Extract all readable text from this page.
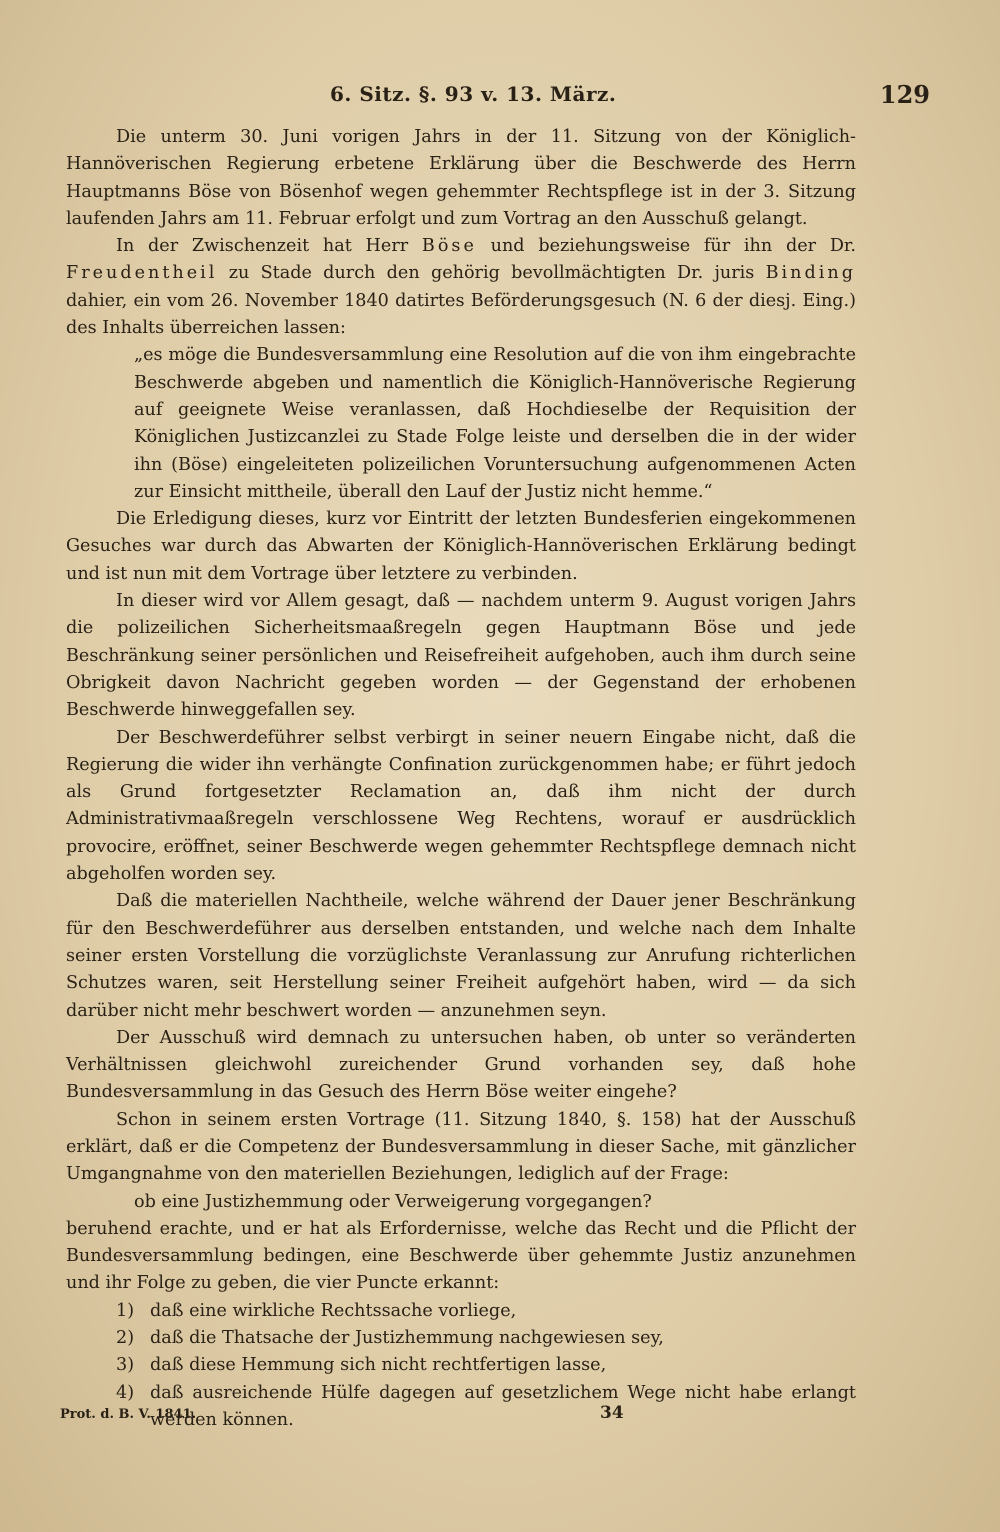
6. Sitz. §. 93 v. 13. März.	129

Die unterm 30. Juni vorigen Jahrs in der 11. Sitzung von der Königlich-Hannöverischen Regierung erbetene Erklärung über die Beschwerde des Herrn Hauptmanns Böse von Bösenhof wegen gehemmter Rechtspflege ist in der 3. Sitzung laufenden Jahrs am 11. Februar erfolgt und zum Vortrag an den Ausschuß gelangt.

In der Zwischenzeit hat Herr Böse und beziehungsweise für ihn der Dr. Freudentheil zu Stade durch den gehörig bevollmächtigten Dr. juris Binding dahier, ein vom 26. November 1840 datirtes Beförderungsgesuch (N. 6 der diesj. Eing.) des Inhalts überreichen lassen:

„es möge die Bundesversammlung eine Resolution auf die von ihm eingebrachte Beschwerde abgeben und namentlich die Königlich-Hannöverische Regierung auf geeignete Weise veranlassen, daß Hochdieselbe der Requisition der Königlichen Justizcanzlei zu Stade Folge leiste und derselben die in der wider ihn (Böse) eingeleiteten polizeilichen Voruntersuchung aufgenommenen Acten zur Einsicht mittheile, überall den Lauf der Justiz nicht hemme.“

Die Erledigung dieses, kurz vor Eintritt der letzten Bundesferien eingekommenen Gesuches war durch das Abwarten der Königlich-Hannöverischen Erklärung bedingt und ist nun mit dem Vortrage über letztere zu verbinden.

In dieser wird vor Allem gesagt, daß — nachdem unterm 9. August vorigen Jahrs die polizeilichen Sicherheitsmaaßregeln gegen Hauptmann Böse und jede Beschränkung seiner persönlichen und Reisefreiheit aufgehoben, auch ihm durch seine Obrigkeit davon Nachricht gegeben worden — der Gegenstand der erhobenen Beschwerde hinweggefallen sey.

Der Beschwerdeführer selbst verbirgt in seiner neuern Eingabe nicht, daß die Regierung die wider ihn verhängte Confination zurückgenommen habe; er führt jedoch als Grund fortgesetzter Reclamation an, daß ihm nicht der durch Administrativmaaßregeln verschlossene Weg Rechtens, worauf er ausdrücklich provocire, eröffnet, seiner Beschwerde wegen gehemmter Rechtspflege demnach nicht abgeholfen worden sey.

Daß die materiellen Nachtheile, welche während der Dauer jener Beschränkung für den Beschwerdeführer aus derselben entstanden, und welche nach dem Inhalte seiner ersten Vorstellung die vorzüglichste Veranlassung zur Anrufung richterlichen Schutzes waren, seit Herstellung seiner Freiheit aufgehört haben, wird — da sich darüber nicht mehr beschwert worden — anzunehmen seyn.

Der Ausschuß wird demnach zu untersuchen haben, ob unter so veränderten Verhältnissen gleichwohl zureichender Grund vorhanden sey, daß hohe Bundesversammlung in das Gesuch des Herrn Böse weiter eingehe?

Schon in seinem ersten Vortrage (11. Sitzung 1840, §. 158) hat der Ausschuß erklärt, daß er die Competenz der Bundesversammlung in dieser Sache, mit gänzlicher Umgangnahme von den materiellen Beziehungen, lediglich auf der Frage:

ob eine Justizhemmung oder Verweigerung vorgegangen?

beruhend erachte, und er hat als Erfordernisse, welche das Recht und die Pflicht der Bundesversammlung bedingen, eine Beschwerde über gehemmte Justiz anzunehmen und ihr Folge zu geben, die vier Puncte erkannt:

1) daß eine wirkliche Rechtssache vorliege,
2) daß die Thatsache der Justizhemmung nachgewiesen sey,
3) daß diese Hemmung sich nicht rechtfertigen lasse,
4) daß ausreichende Hülfe dagegen auf gesetzlichem Wege nicht habe erlangt werden können.
Prot. d. B. V. 1841.	34
